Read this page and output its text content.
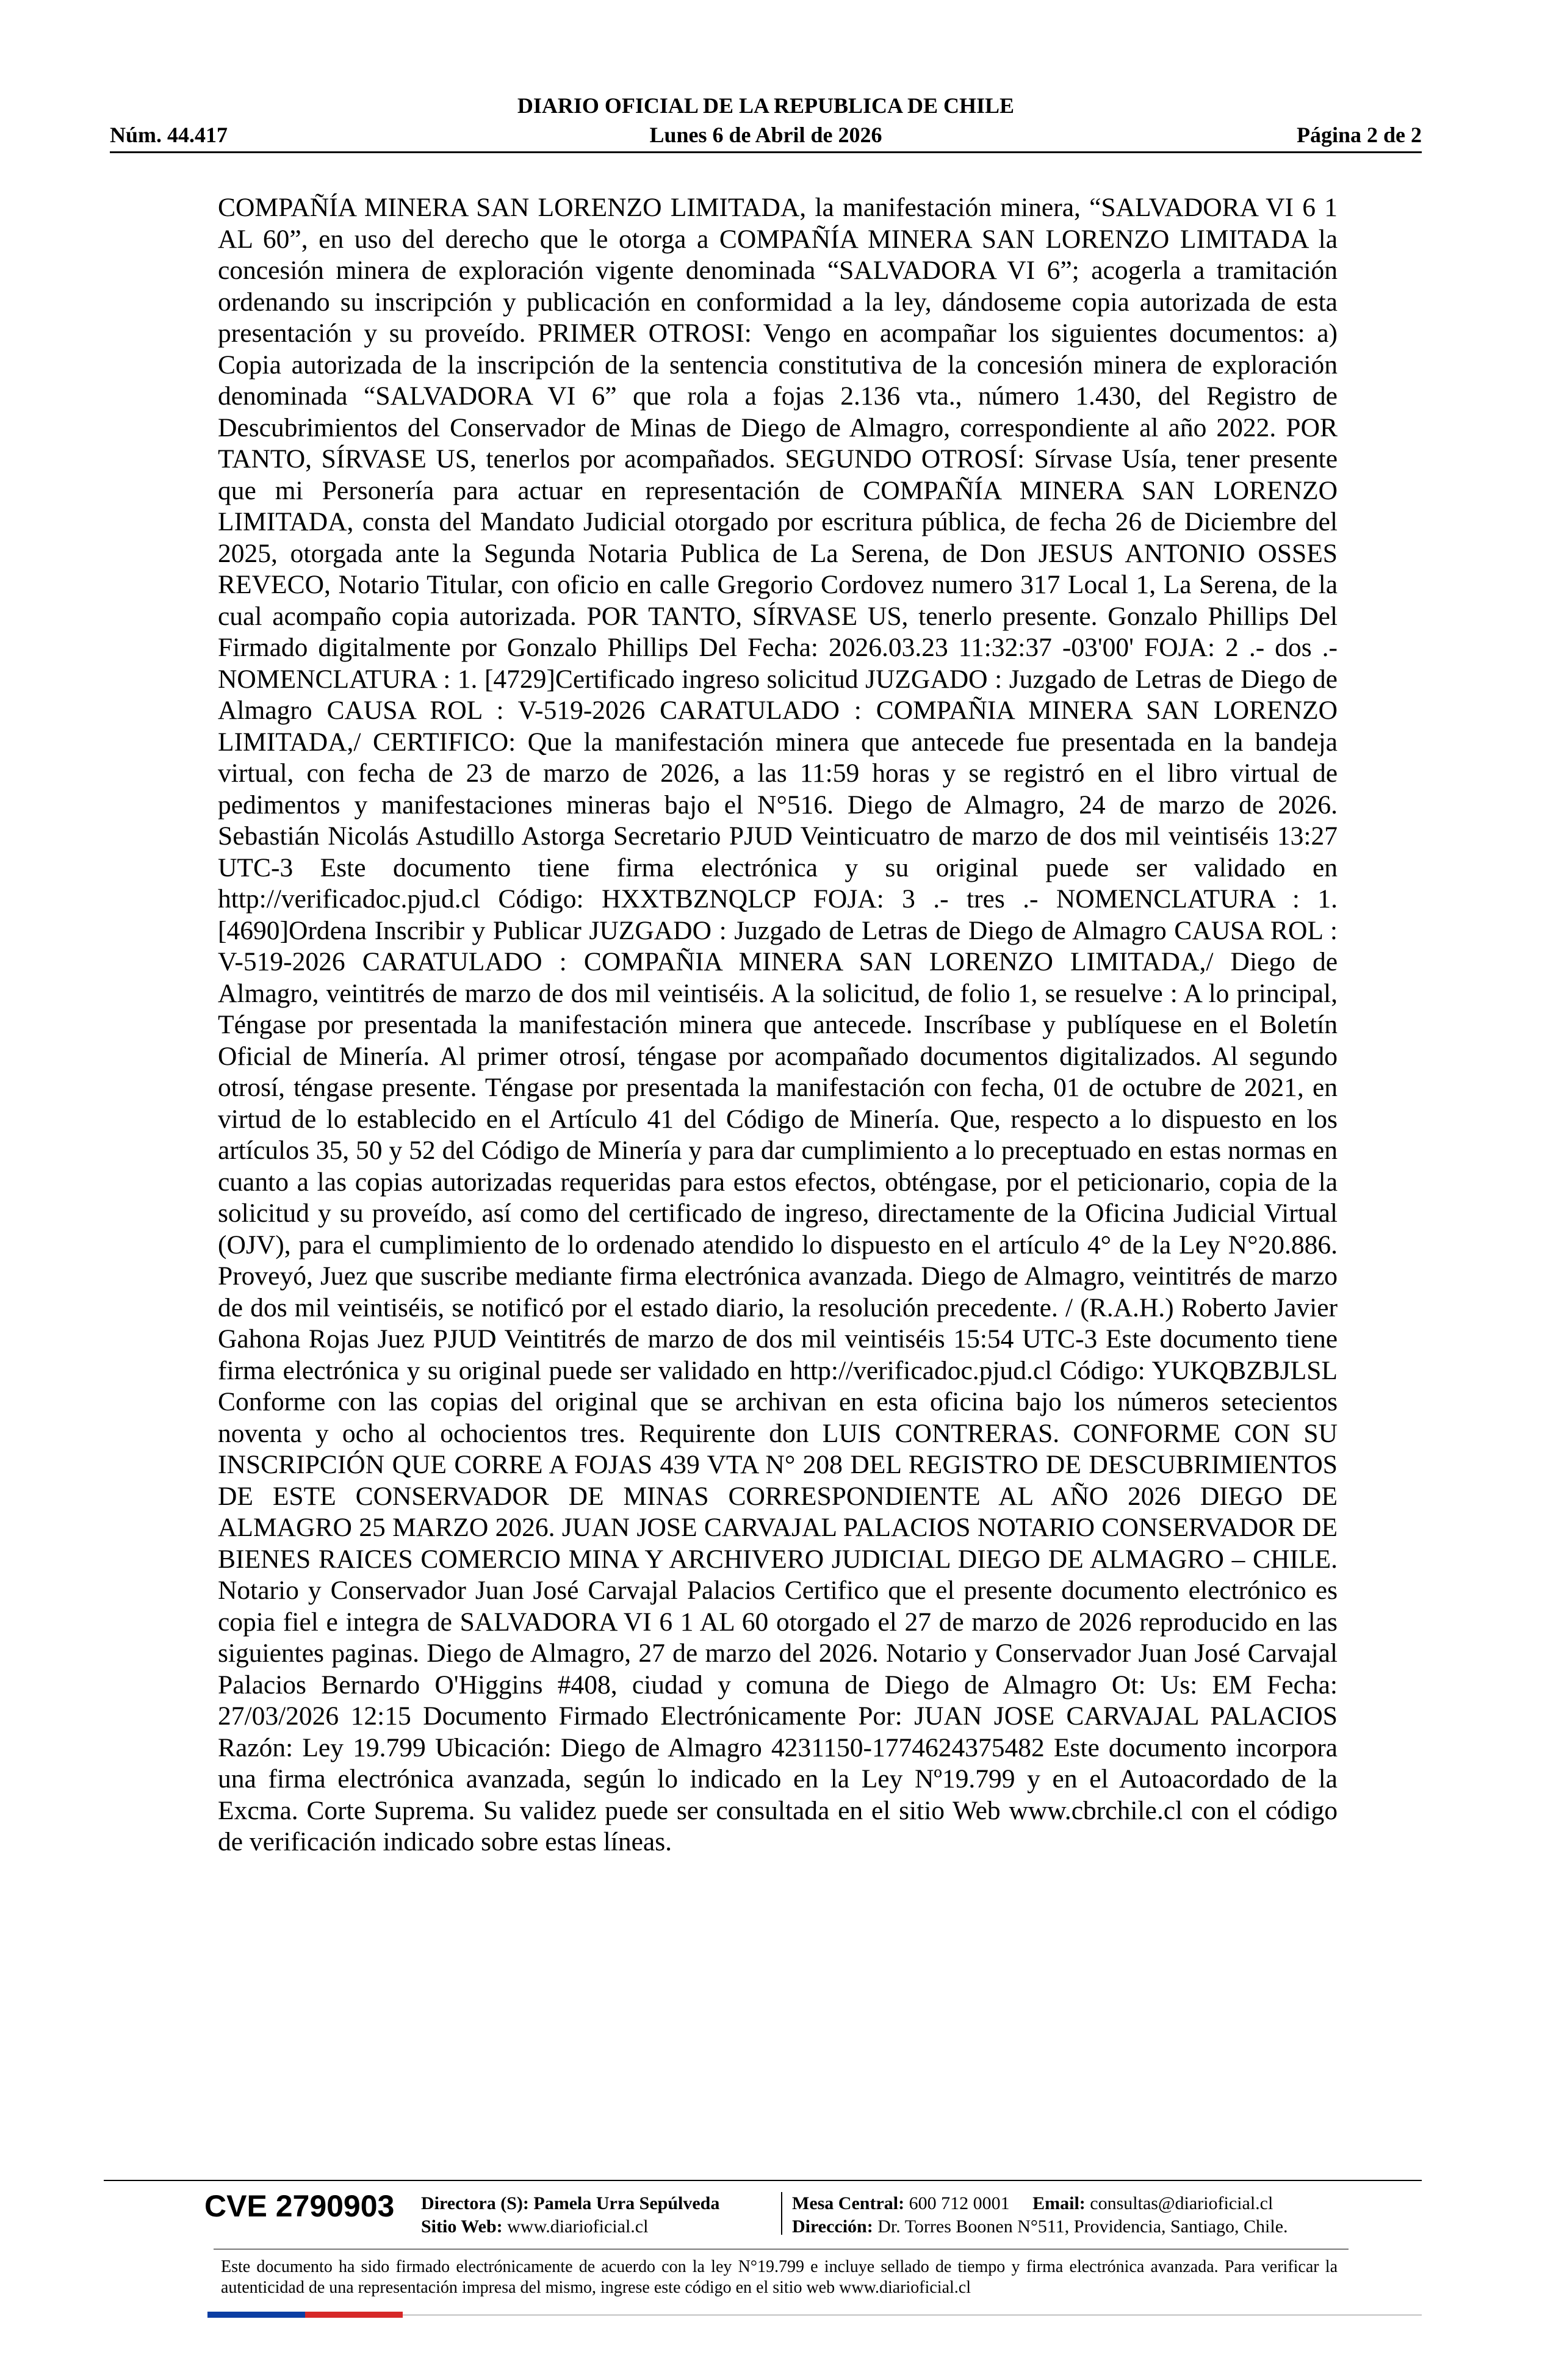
DIARIO OFICIAL DE LA REPUBLICA DE CHILE
Núm. 44.417	Lunes 6 de Abril de 2026	Página 2 de 2

COMPAÑÍA MINERA SAN LORENZO LIMITADA, la manifestación minera, “SALVADORA VI 6 1 AL 60”, en uso del derecho que le otorga a COMPAÑÍA MINERA SAN LORENZO LIMITADA la concesión minera de exploración vigente denominada “SALVADORA VI 6”; acogerla a tramitación ordenando su inscripción y publicación en conformidad a la ley, dándoseme copia autorizada de esta presentación y su proveído. PRIMER OTROSI: Vengo en acompañar los siguientes documentos: a) Copia autorizada de la inscripción de la sentencia constitutiva de la concesión minera de exploración denominada “SALVADORA VI 6” que rola a fojas 2.136 vta., número 1.430, del Registro de Descubrimientos del Conservador de Minas de Diego de Almagro, correspondiente al año 2022. POR TANTO, SÍRVASE US, tenerlos por acompañados. SEGUNDO OTROSÍ: Sírvase Usía, tener presente que mi Personería para actuar en representación de COMPAÑÍA MINERA SAN LORENZO LIMITADA, consta del Mandato Judicial otorgado por escritura pública, de fecha 26 de Diciembre del 2025, otorgada ante la Segunda Notaria Publica de La Serena, de Don JESUS ANTONIO OSSES REVECO, Notario Titular, con oficio en calle Gregorio Cordovez numero 317 Local 1, La Serena, de la cual acompaño copia autorizada. POR TANTO, SÍRVASE US, tenerlo presente. Gonzalo Phillips Del Firmado digitalmente por Gonzalo Phillips Del Fecha: 2026.03.23 11:32:37 -03'00' FOJA: 2 .- dos .- NOMENCLATURA : 1. [4729]Certificado ingreso solicitud JUZGADO : Juzgado de Letras de Diego de Almagro CAUSA ROL : V-519-2026 CARATULADO : COMPAÑIA MINERA SAN LORENZO LIMITADA,/ CERTIFICO: Que la manifestación minera que antecede fue presentada en la bandeja virtual, con fecha de 23 de marzo de 2026, a las 11:59 horas y se registró en el libro virtual de pedimentos y manifestaciones mineras bajo el N°516. Diego de Almagro, 24 de marzo de 2026. Sebastián Nicolás Astudillo Astorga Secretario PJUD Veinticuatro de marzo de dos mil veintiséis 13:27 UTC-3 Este documento tiene firma electrónica y su original puede ser validado en http://verificadoc.pjud.cl Código: HXXTBZNQLCP FOJA: 3 .- tres .- NOMENCLATURA : 1. [4690]Ordena Inscribir y Publicar JUZGADO : Juzgado de Letras de Diego de Almagro CAUSA ROL : V-519-2026 CARATULADO : COMPAÑIA MINERA SAN LORENZO LIMITADA,/ Diego de Almagro, veintitrés de marzo de dos mil veintiséis. A la solicitud, de folio 1, se resuelve : A lo principal, Téngase por presentada la manifestación minera que antecede. Inscríbase y publíquese en el Boletín Oficial de Minería. Al primer otrosí, téngase por acompañado documentos digitalizados. Al segundo otrosí, téngase presente. Téngase por presentada la manifestación con fecha, 01 de octubre de 2021, en virtud de lo establecido en el Artículo 41 del Código de Minería. Que, respecto a lo dispuesto en los artículos 35, 50 y 52 del Código de Minería y para dar cumplimiento a lo preceptuado en estas normas en cuanto a las copias autorizadas requeridas para estos efectos, obténgase, por el peticionario, copia de la solicitud y su proveído, así como del certificado de ingreso, directamente de la Oficina Judicial Virtual (OJV), para el cumplimiento de lo ordenado atendido lo dispuesto en el artículo 4° de la Ley N°20.886. Proveyó, Juez que suscribe mediante firma electrónica avanzada. Diego de Almagro, veintitrés de marzo de dos mil veintiséis, se notificó por el estado diario, la resolución precedente. / (R.A.H.) Roberto Javier Gahona Rojas Juez PJUD Veintitrés de marzo de dos mil veintiséis 15:54 UTC-3 Este documento tiene firma electrónica y su original puede ser validado en http://verificadoc.pjud.cl Código: YUKQBZBJLSL Conforme con las copias del original que se archivan en esta oficina bajo los números setecientos noventa y ocho al ochocientos tres. Requirente don LUIS CONTRERAS. CONFORME CON SU INSCRIPCIÓN QUE CORRE A FOJAS 439 VTA N° 208 DEL REGISTRO DE DESCUBRIMIENTOS DE ESTE CONSERVADOR DE MINAS CORRESPONDIENTE AL AÑO 2026 DIEGO DE ALMAGRO 25 MARZO 2026. JUAN JOSE CARVAJAL PALACIOS NOTARIO CONSERVADOR DE BIENES RAICES COMERCIO MINA Y ARCHIVERO JUDICIAL DIEGO DE ALMAGRO – CHILE. Notario y Conservador Juan José Carvajal Palacios Certifico que el presente documento electrónico es copia fiel e integra de SALVADORA VI 6 1 AL 60 otorgado el 27 de marzo de 2026 reproducido en las siguientes paginas. Diego de Almagro, 27 de marzo del 2026. Notario y Conservador Juan José Carvajal Palacios Bernardo O'Higgins #408, ciudad y comuna de Diego de Almagro Ot: Us: EM Fecha: 27/03/2026 12:15 Documento Firmado Electrónicamente Por: JUAN JOSE CARVAJAL PALACIOS Razón: Ley 19.799 Ubicación: Diego de Almagro 4231150-1774624375482 Este documento incorpora una firma electrónica avanzada, según lo indicado en la Ley Nº19.799 y en el Autoacordado de la Excma. Corte Suprema. Su validez puede ser consultada en el sitio Web www.cbrchile.cl con el código de verificación indicado sobre estas líneas.

CVE 2790903 Directora (S): Pamela Urra Sepúlveda
Sitio Web: www.diarioficial.cl
Mesa Central: 600 712 0001 Email: consultas@diarioficial.cl
Dirección: Dr. Torres Boonen N°511, Providencia, Santiago, Chile.

Este documento ha sido firmado electrónicamente de acuerdo con la ley N°19.799 e incluye sellado de tiempo y firma electrónica avanzada. Para verificar la autenticidad de una representación impresa del mismo, ingrese este código en el sitio web www.diarioficial.cl
